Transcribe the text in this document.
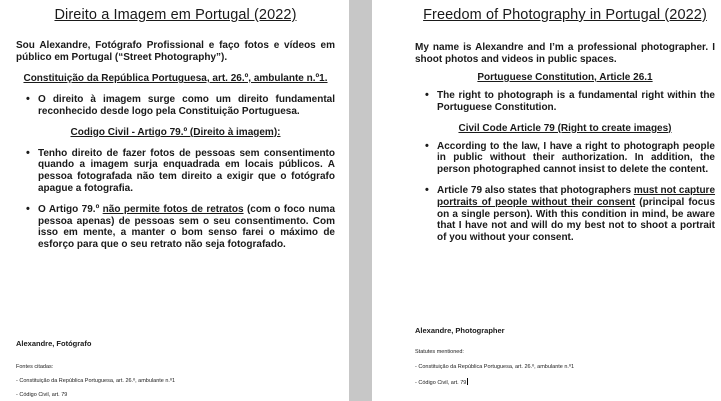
Direito a Imagem em Portugal (2022)

Sou Alexandre, Fotógrafo Profissional e faço fotos e vídeos em público em Portugal (“Street Photography”).

Constituição da República Portuguesa, art. 26.º, ambulante n.º1.

• O direito à imagem surge como um direito fundamental reconhecido desde logo pela Constituição Portuguesa.

Codigo Civil - Artigo 79.º (Direito à imagem):

• Tenho direito de fazer fotos de pessoas sem consentimento quando a imagem surja enquadrada em locais públicos. A pessoa fotografada não tem direito a exigir que o fotógrafo apague a fotografia.
• O Artigo 79.º não permite fotos de retratos (com o foco numa pessoa apenas) de pessoas sem o seu consentimento. Com isso em mente, a manter o bom senso farei o máximo de esforço para que o seu retrato não seja fotografado.

Alexandre, Fotógrafo

Fontes citadas:

- Constituição da República Portuguesa, art. 26.º, ambulante n.º1

- Código Civil, art. 79

Freedom of Photography in Portugal (2022)

My name is Alexandre and I’m a professional photographer. I shoot photos and videos in public spaces.

Portuguese Constitution, Article 26.1

• The right to photograph is a fundamental right within the Portuguese Constitution.

Civil Code Article 79 (Right to create images)

• According to the law, I have a right to photograph people in public without their authorization. In addition, the person photographed cannot insist to delete the content.
• Article 79 also states that photographers must not capture portraits of people without their consent (principal focus on a single person). With this condition in mind, be aware that I have not and will do my best not to shoot a portrait of you without your consent.

Alexandre, Photographer

Statutes mentioned:

- Constituição da República Portuguesa, art. 26.º, ambulante n.º1

- Código Civil, art. 79
